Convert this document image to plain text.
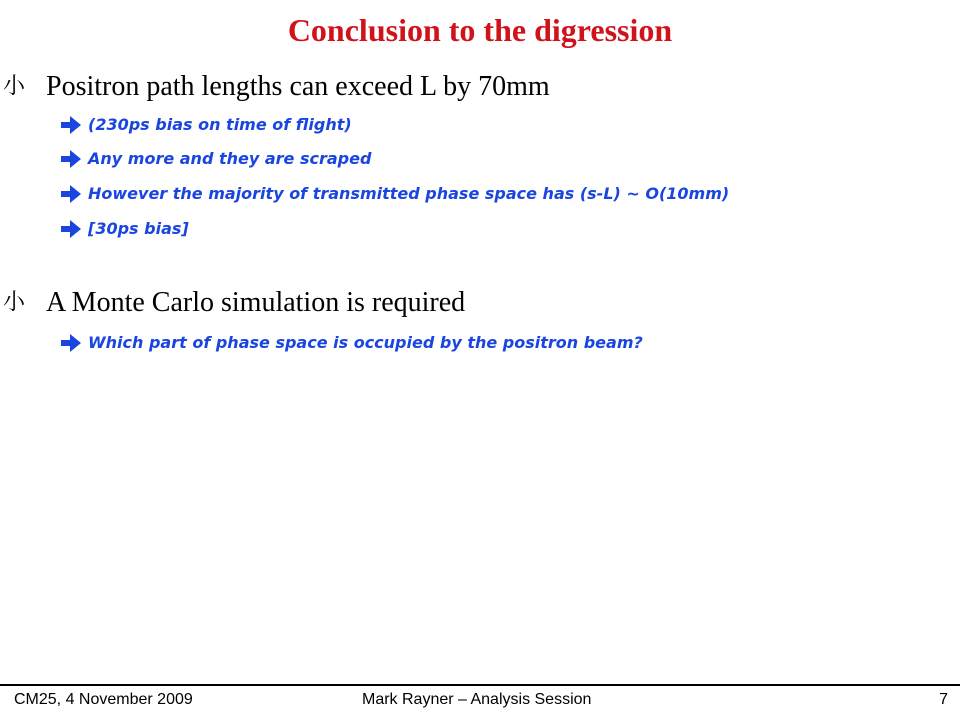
Conclusion to the digression
⼩ Positron path lengths can exceed L by 70mm
(230ps bias on time of flight)
Any more and they are scraped
However the majority of transmitted phase space has (s-L) ~ O(10mm)
[30ps bias]
⼩ A Monte Carlo simulation is required
Which part of phase space is occupied by the positron beam?
CM25, 4 November 2009	Mark Rayner – Analysis Session	7
